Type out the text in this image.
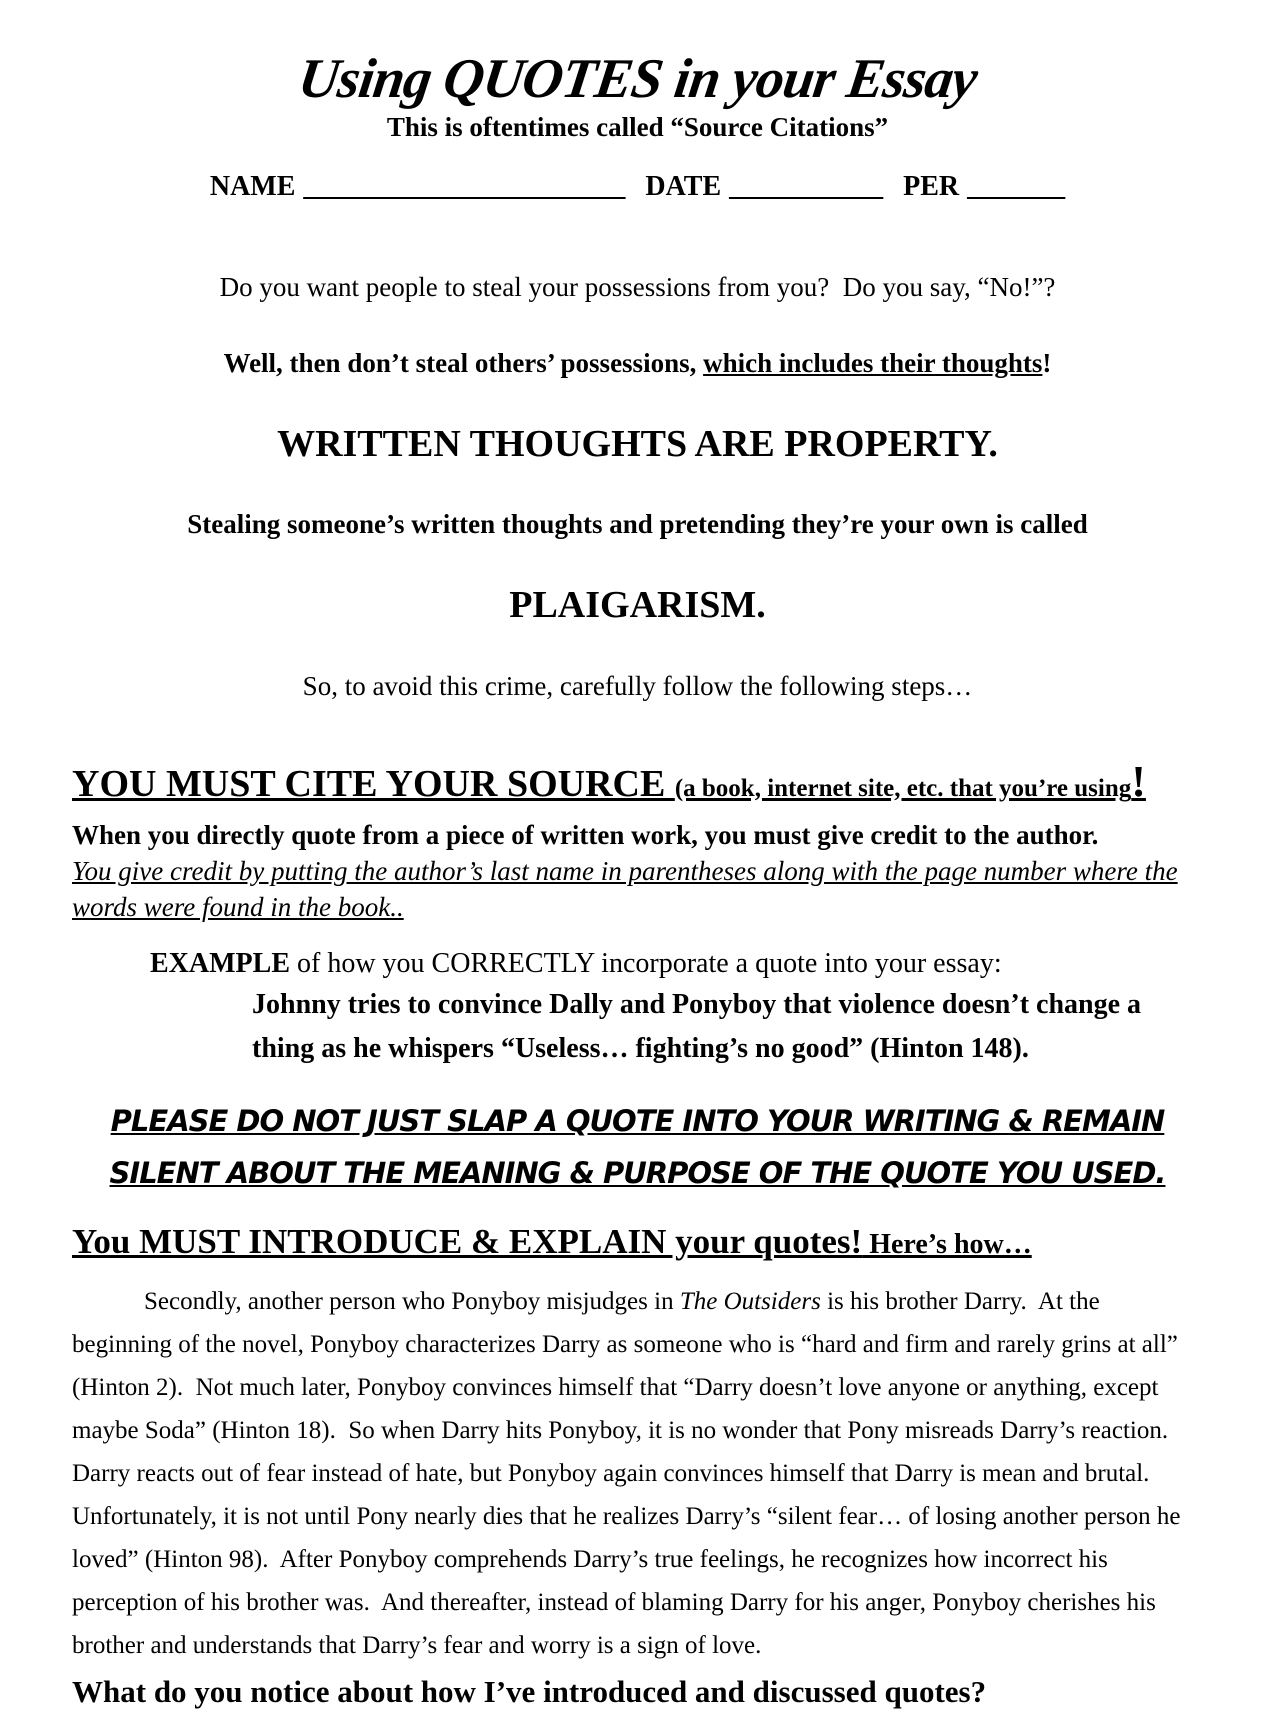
Using QUOTES in your Essay
This is oftentimes called “Source Citations”
NAME _______________________ DATE ___________ PER _______

Do you want people to steal your possessions from you?  Do you say, “No!”?

Well, then don’t steal others’ possessions, which includes their thoughts!

WRITTEN THOUGHTS ARE PROPERTY.

Stealing someone’s written thoughts and pretending they’re your own is called

PLAIGARISM.

So, to avoid this crime, carefully follow the following steps…

YOU MUST CITE YOUR SOURCE (a book, internet site, etc. that you’re using!
When you directly quote from a piece of written work, you must give credit to the author.
You give credit by putting the author’s last name in parentheses along with the page number where the words were found in the book..
EXAMPLE of how you CORRECTLY incorporate a quote into your essay:
Johnny tries to convince Dally and Ponyboy that violence doesn’t change a thing as he whispers “Useless… fighting’s no good” (Hinton 148).
PLEASE DO NOT JUST SLAP A QUOTE INTO YOUR WRITING & REMAIN
SILENT ABOUT THE MEANING & PURPOSE OF THE QUOTE YOU USED.
You MUST INTRODUCE & EXPLAIN your quotes! Here’s how…

Secondly, another person who Ponyboy misjudges in The Outsiders is his brother Darry.  At the beginning of the novel, Ponyboy characterizes Darry as someone who is “hard and firm and rarely grins at all” (Hinton 2).  Not much later, Ponyboy convinces himself that “Darry doesn’t love anyone or anything, except maybe Soda” (Hinton 18).  So when Darry hits Ponyboy, it is no wonder that Pony misreads Darry’s reaction.  Darry reacts out of fear instead of hate, but Ponyboy again convinces himself that Darry is mean and brutal.  Unfortunately, it is not until Pony nearly dies that he realizes Darry’s “silent fear… of losing another person he loved” (Hinton 98).  After Ponyboy comprehends Darry’s true feelings, he recognizes how incorrect his perception of his brother was.  And thereafter, instead of blaming Darry for his anger, Ponyboy cherishes his brother and understands that Darry’s fear and worry is a sign of love.

What do you notice about how I’ve introduced and discussed quotes?
